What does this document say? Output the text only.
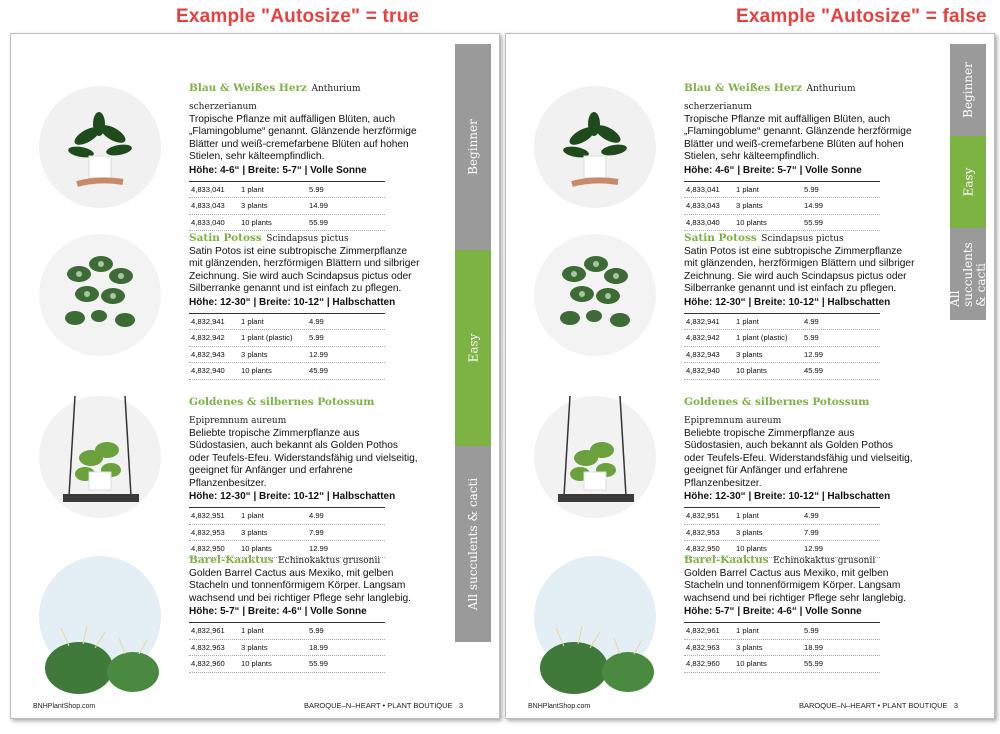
Example "Autosize" = true	Example "Autosize" = false
Beginner
Easy
All succulents & cacti
Blau & Weißes Herz Anthurium scherzerianum
Tropische Pflanze mit auffälligen Blüten, auch „Flamingoblume“ genannt. Glänzende herzförmige Blätter und weiß-cremefarbene Blüten auf hohen Stielen, sehr kälteempfindlich.
Höhe: 4-6“ | Breite: 5-7“ | Volle Sonne
4,833,041	1 plant	5.99
4,833,043	3 plants	14.99
4,833,040	10 plants	55.99
Satin Potoss Scindapsus pictus
Satin Potos ist eine subtropische Zimmerpflanze mit glänzenden, herzförmigen Blättern und silbriger Zeichnung. Sie wird auch Scindapsus pictus oder Silberranke genannt und ist einfach zu pflegen.
Höhe: 12-30“ | Breite: 10-12“ | Halbschatten
4,832,941	1 plant	4.99
4,832,942	1 plant (plastic)	5.99
4,832,943	3 plants	12.99
4,832,940	10 plants	45.99
Goldenes & silbernes Potossum Epipremnum aureum
Beliebte tropische Zimmerpflanze aus Südostasien, auch bekannt als Golden Pothos oder Teufels-Efeu. Widerstandsfähig und vielseitig, geeignet für Anfänger und erfahrene Pflanzenbesitzer.
Höhe: 12-30“ | Breite: 10-12“ | Halbschatten
4,832,951	1 plant	4.99
4,832,953	3 plants	7.99
4,832,950	10 plants	12.99
Barel-Kaaktus Echinokaktus grusonii
Golden Barrel Cactus aus Mexiko, mit gelben Stacheln und tonnenförmigem Körper. Langsam wachsend und bei richtiger Pflege sehr langlebig.
Höhe: 5-7“ | Breite: 4-6“ | Volle Sonne
4,832,961	1 plant	5.99
4,832,963	3 plants	18.99
4,832,960	10 plants	55.99
BNHPlantShop.com	BAROQUE–N–HEART • PLANT BOUTIQUE 3
Beginner
Easy
All succulents & cacti
Blau & Weißes Herz Anthurium scherzerianum
Tropische Pflanze mit auffälligen Blüten, auch „Flamingoblume“ genannt. Glänzende herzförmige Blätter und weiß-cremefarbene Blüten auf hohen Stielen, sehr kälteempfindlich.
Höhe: 4-6“ | Breite: 5-7“ | Volle Sonne
4,833,041	1 plant	5.99
4,833,043	3 plants	14.99
4,833,040	10 plants	55.99
Satin Potoss Scindapsus pictus
Satin Potos ist eine subtropische Zimmerpflanze mit glänzenden, herzförmigen Blättern und silbriger Zeichnung. Sie wird auch Scindapsus pictus oder Silberranke genannt und ist einfach zu pflegen.
Höhe: 12-30“ | Breite: 10-12“ | Halbschatten
4,832,941	1 plant	4.99
4,832,942	1 plant (plastic)	5.99
4,832,943	3 plants	12.99
4,832,940	10 plants	45.99
Goldenes & silbernes Potossum Epipremnum aureum
Beliebte tropische Zimmerpflanze aus Südostasien, auch bekannt als Golden Pothos oder Teufels-Efeu. Widerstandsfähig und vielseitig, geeignet für Anfänger und erfahrene Pflanzenbesitzer.
Höhe: 12-30“ | Breite: 10-12“ | Halbschatten
4,832,951	1 plant	4.99
4,832,953	3 plants	7.99
4,832,950	10 plants	12.99
Barel-Kaaktus Echinokaktus grusonii
Golden Barrel Cactus aus Mexiko, mit gelben Stacheln und tonnenförmigem Körper. Langsam wachsend und bei richtiger Pflege sehr langlebig.
Höhe: 5-7“ | Breite: 4-6“ | Volle Sonne
4,832,961	1 plant	5.99
4,832,963	3 plants	18.99
4,832,960	10 plants	55.99
BNHPlantShop.com	BAROQUE–N–HEART • PLANT BOUTIQUE 3
